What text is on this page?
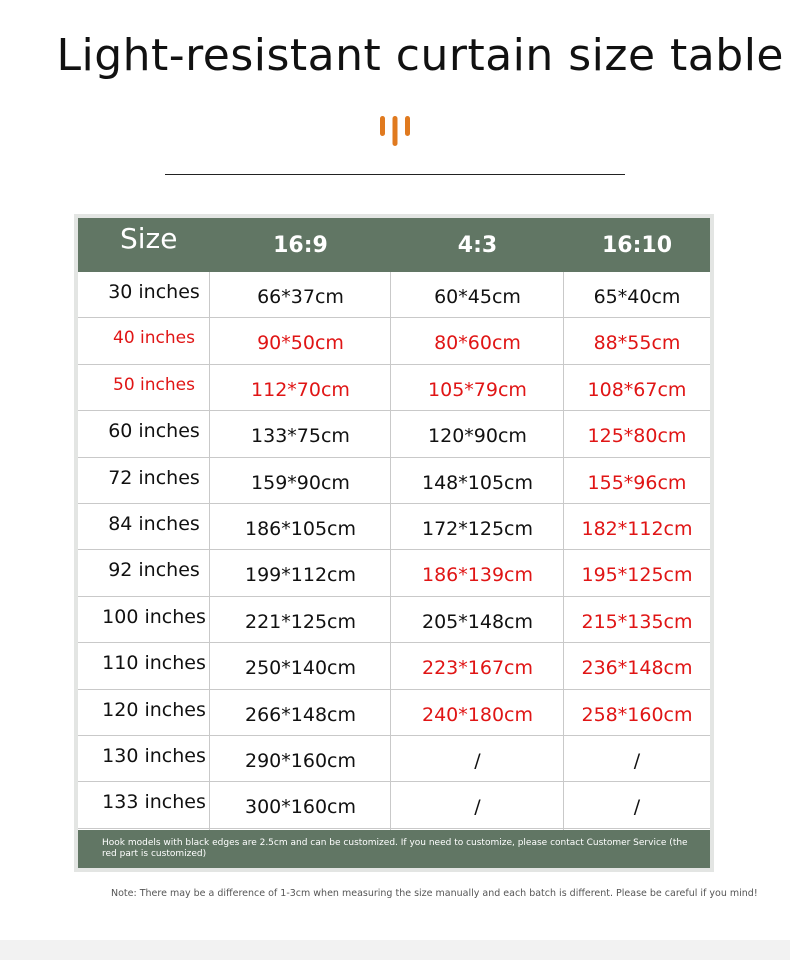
Light-resistant curtain size table
Size	16:9	4:3	16:10
30 inches	66*37cm	60*45cm	65*40cm
40 inches	90*50cm	80*60cm	88*55cm
50 inches	112*70cm	105*79cm	108*67cm
60 inches	133*75cm	120*90cm	125*80cm
72 inches	159*90cm	148*105cm	155*96cm
84 inches	186*105cm	172*125cm	182*112cm
92 inches	199*112cm	186*139cm	195*125cm
100 inches	221*125cm	205*148cm	215*135cm
110 inches	250*140cm	223*167cm	236*148cm
120 inches	266*148cm	240*180cm	258*160cm
130 inches	290*160cm	/	/
133 inches	300*160cm	/	/
Hook models with black edges are 2.5cm and can be customized. If you need to customize, please contact Customer Service (the red part is customized)
Note: There may be a difference of 1-3cm when measuring the size manually and each batch is different. Please be careful if you mind!
